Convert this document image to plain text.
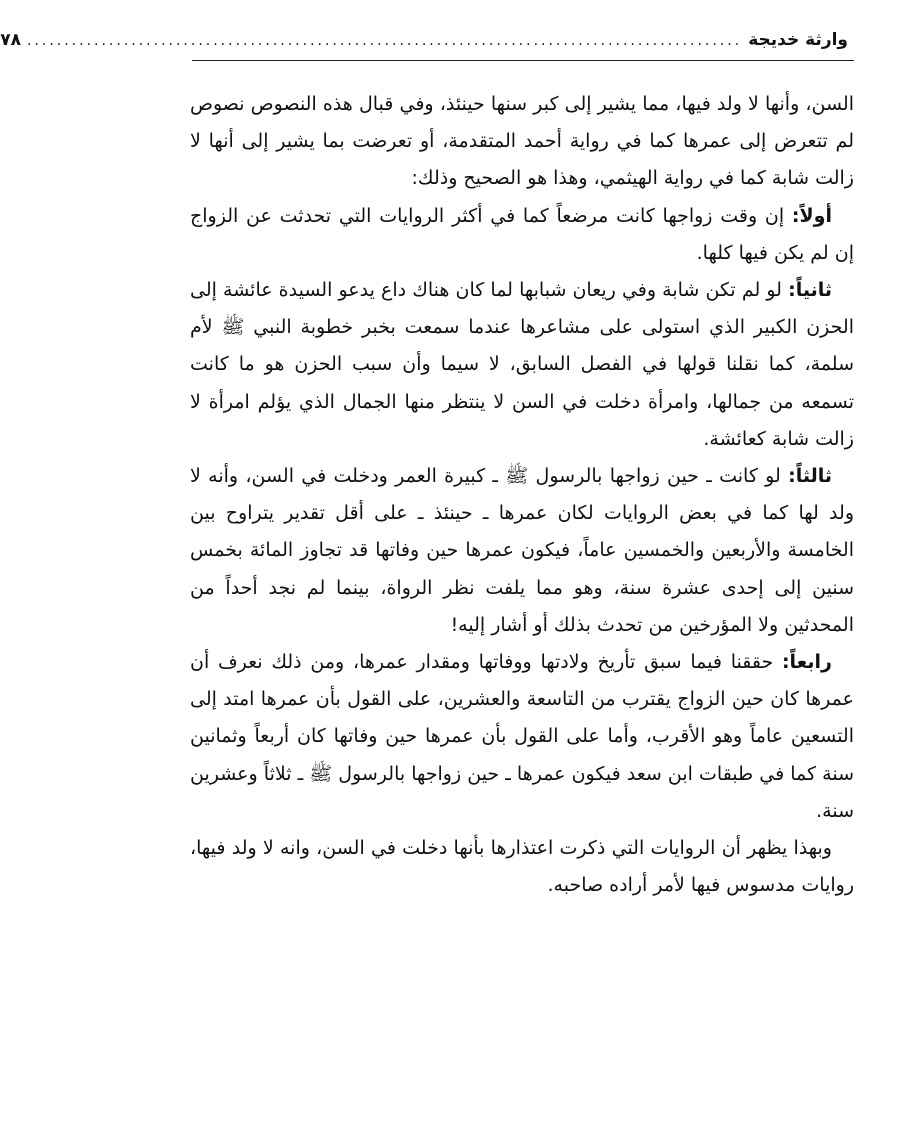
وارثة خديجة
................................................................................................
٧٨

السن، وأنها لا ولد فيها، مما يشير إلى كبر سنها حينئذ، وفي قبال هذه النصوص نصوص لم تتعرض إلى عمرها كما في رواية أحمد المتقدمة، أو تعرضت بما يشير إلى أنها لا زالت شابة كما في رواية الهيثمي، وهذا هو الصحيح وذلك:

أولاً: إن وقت زواجها كانت مرضعاً كما في أكثر الروايات التي تحدثت عن الزواج إن لم يكن فيها كلها.

ثانياً: لو لم تكن شابة وفي ريعان شبابها لما كان هناك داع يدعو السيدة عائشة إلى الحزن الكبير الذي استولى على مشاعرها عندما سمعت بخبر خطوبة النبي ﷺ لأم سلمة، كما نقلنا قولها في الفصل السابق، لا سيما وأن سبب الحزن هو ما كانت تسمعه من جمالها، وامرأة دخلت في السن لا ينتظر منها الجمال الذي يؤلم امرأة لا زالت شابة كعائشة.

ثالثاً: لو كانت ـ حين زواجها بالرسول ﷺ ـ كبيرة العمر ودخلت في السن، وأنه لا ولد لها كما في بعض الروايات لكان عمرها ـ حينئذ ـ على أقل تقدير يتراوح بين الخامسة والأربعين والخمسين عاماً، فيكون عمرها حين وفاتها قد تجاوز المائة بخمس سنين إلى إحدى عشرة سنة، وهو مما يلفت نظر الرواة، بينما لم نجد أحداً من المحدثين ولا المؤرخين من تحدث بذلك أو أشار إليه!

رابعاً: حققنا فيما سبق تأريخ ولادتها ووفاتها ومقدار عمرها، ومن ذلك نعرف أن عمرها كان حين الزواج يقترب من التاسعة والعشرين، على القول بأن عمرها امتد إلى التسعين عاماً وهو الأقرب، وأما على القول بأن عمرها حين وفاتها كان أربعاً وثمانين سنة كما في طبقات ابن سعد فيكون عمرها ـ حين زواجها بالرسول ﷺ ـ ثلاثاً وعشرين سنة.

وبهذا يظهر أن الروايات التي ذكرت اعتذارها بأنها دخلت في السن، وانه لا ولد فيها، روايات مدسوس فيها لأمر أراده صاحبه.
